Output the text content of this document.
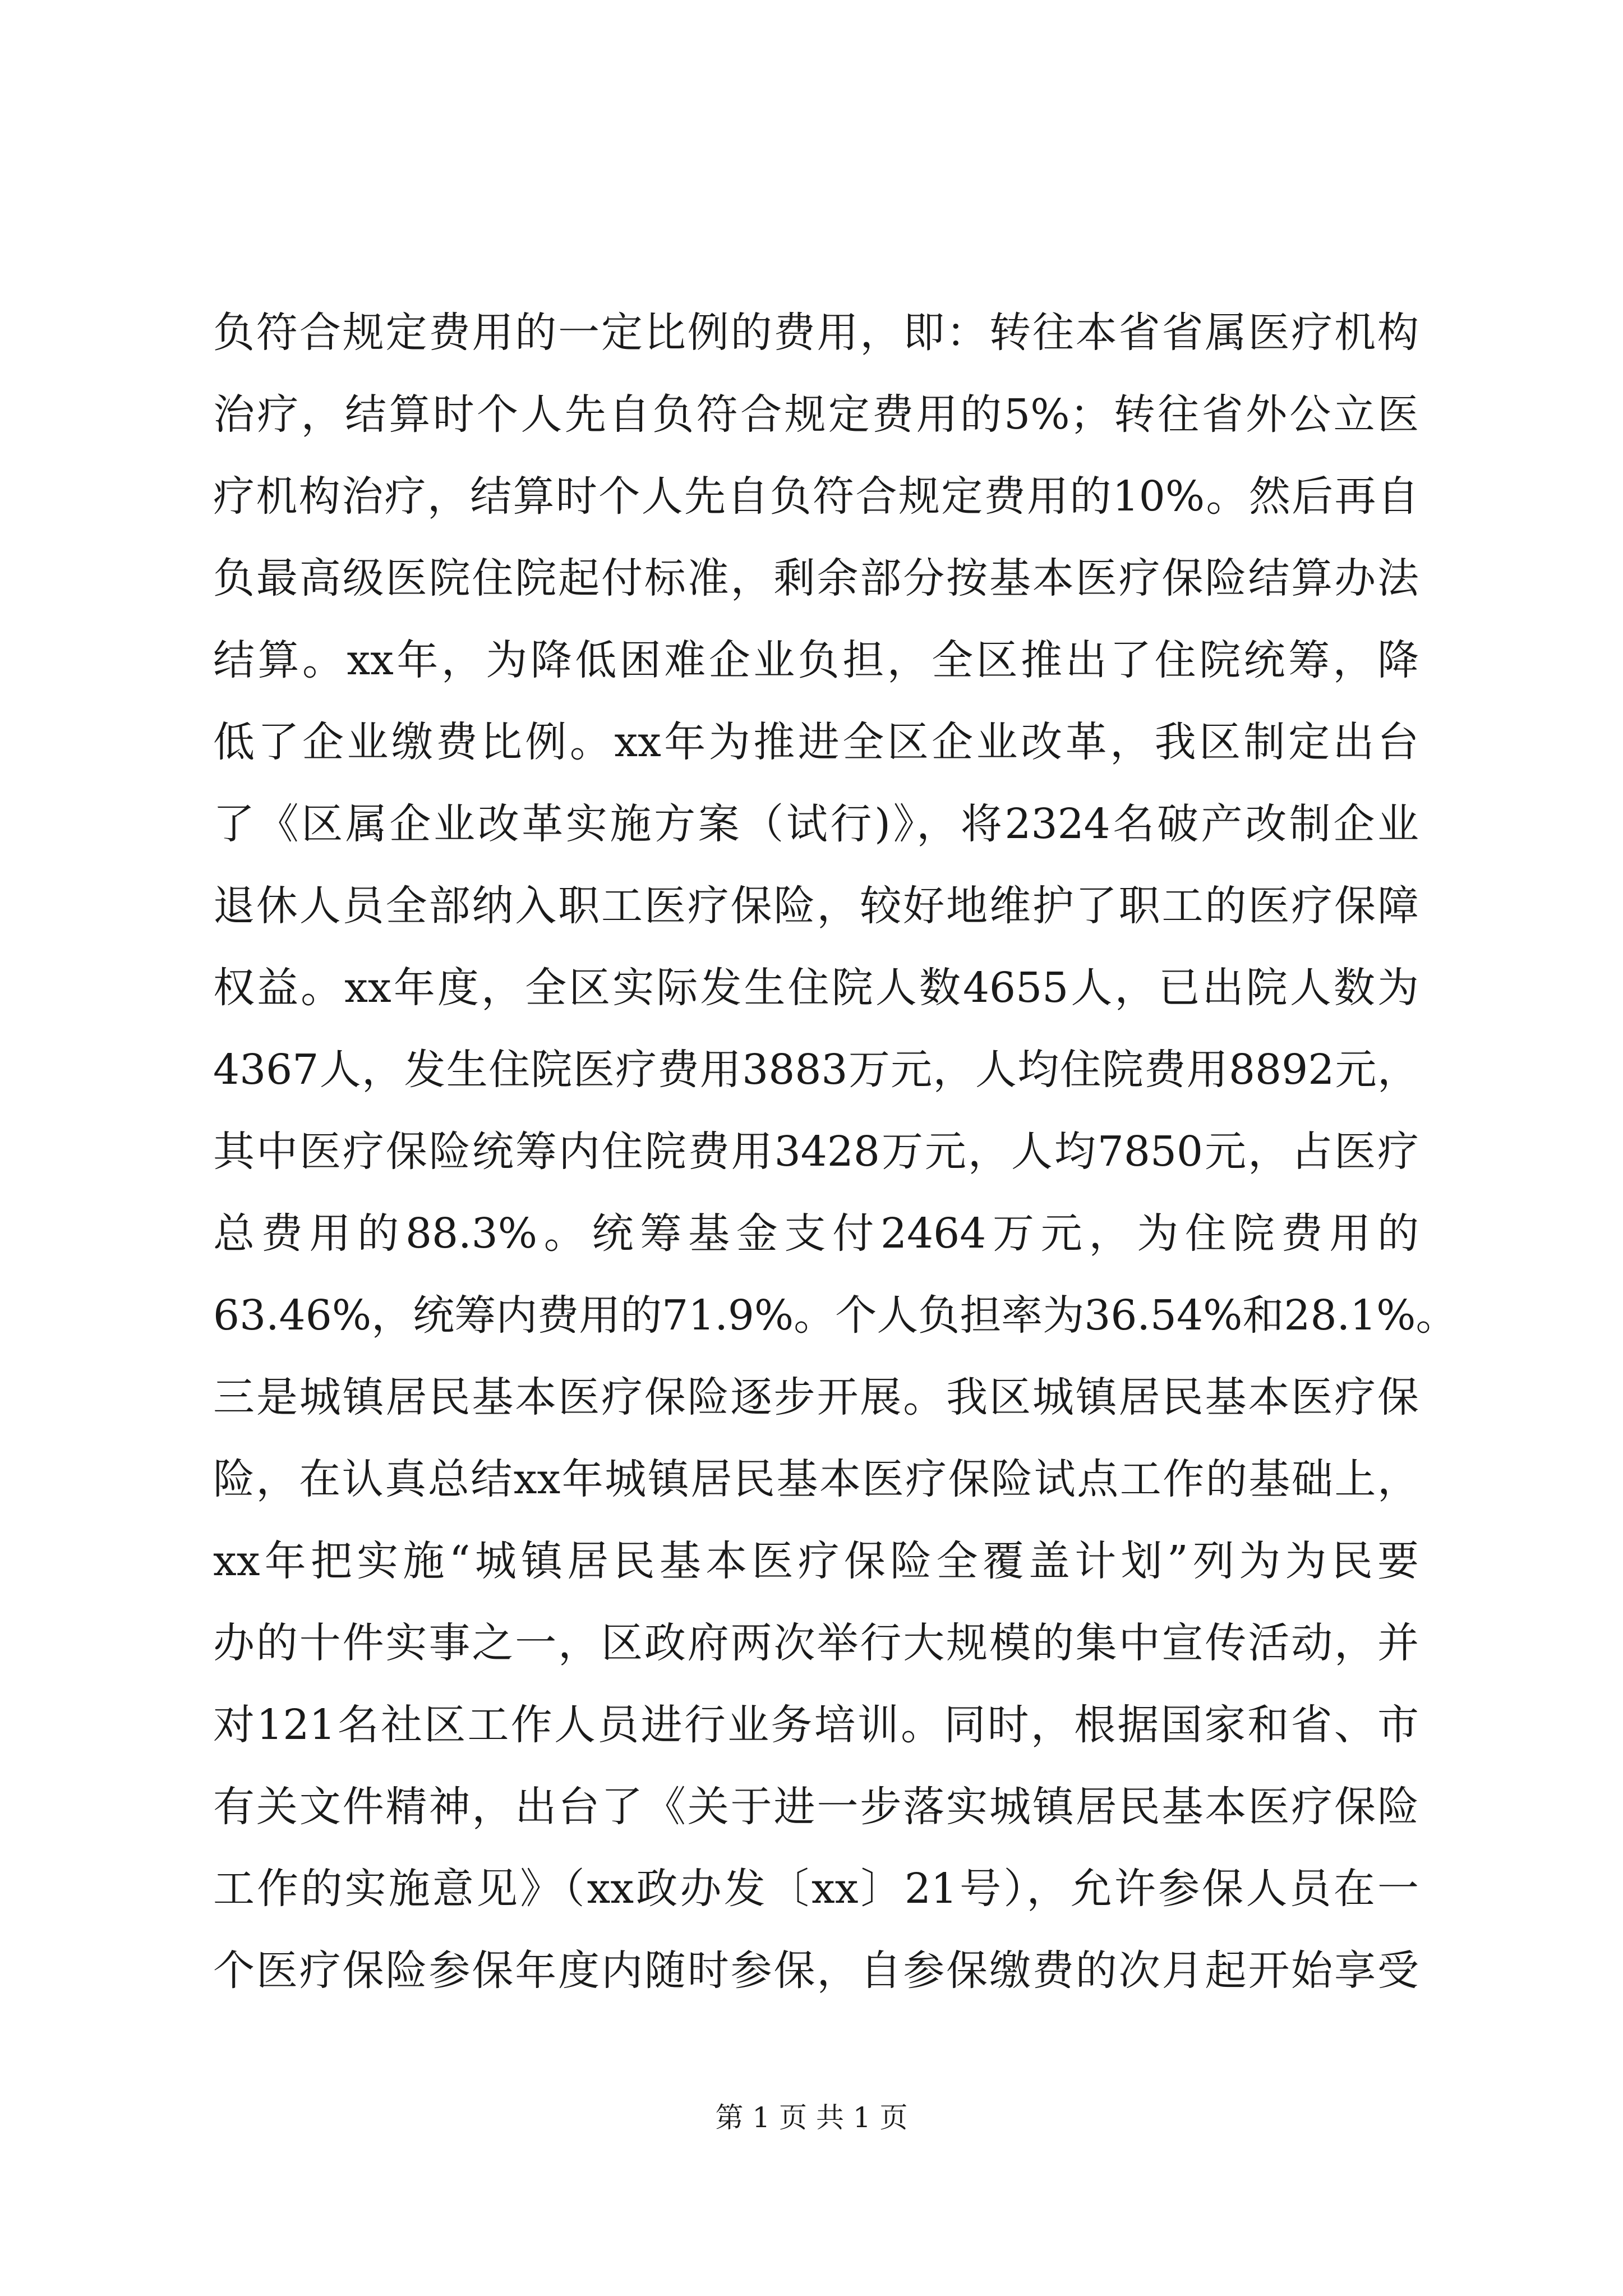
负符合规定费用的一定比例的费用，即：转往本省省属医疗机构
治疗，结算时个人先自负符合规定费用的5%；转往省外公立医
疗机构治疗，结算时个人先自负符合规定费用的10%。然后再自
负最高级医院住院起付标准，剩余部分按基本医疗保险结算办法
结算。xx年，为降低困难企业负担，全区推出了住院统筹，降
低了企业缴费比例。xx年为推进全区企业改革，我区制定出台
了《区属企业改革实施方案（试行)》，将2324名破产改制企业
退休人员全部纳入职工医疗保险，较好地维护了职工的医疗保障
权益。xx年度，全区实际发生住院人数4655人，已出院人数为
4367人，发生住院医疗费用3883万元，人均住院费用8892元，
其中医疗保险统筹内住院费用3428万元，人均7850元，占医疗
总费用的88.3%。统筹基金支付2464万元，为住院费用的
63.46%，统筹内费用的71.9%。个人负担率为36.54%和28.1%。
三是城镇居民基本医疗保险逐步开展。我区城镇居民基本医疗保
险，在认真总结xx年城镇居民基本医疗保险试点工作的基础上，
xx年把实施“城镇居民基本医疗保险全覆盖计划”列为为民要
办的十件实事之一，区政府两次举行大规模的集中宣传活动，并
对121名社区工作人员进行业务培训。同时，根据国家和省、市
有关文件精神，出台了《关于进一步落实城镇居民基本医疗保险
工作的实施意见》（xx政办发〔xx〕21号），允许参保人员在一
个医疗保险参保年度内随时参保，自参保缴费的次月起开始享受
第 1 页 共 1 页
